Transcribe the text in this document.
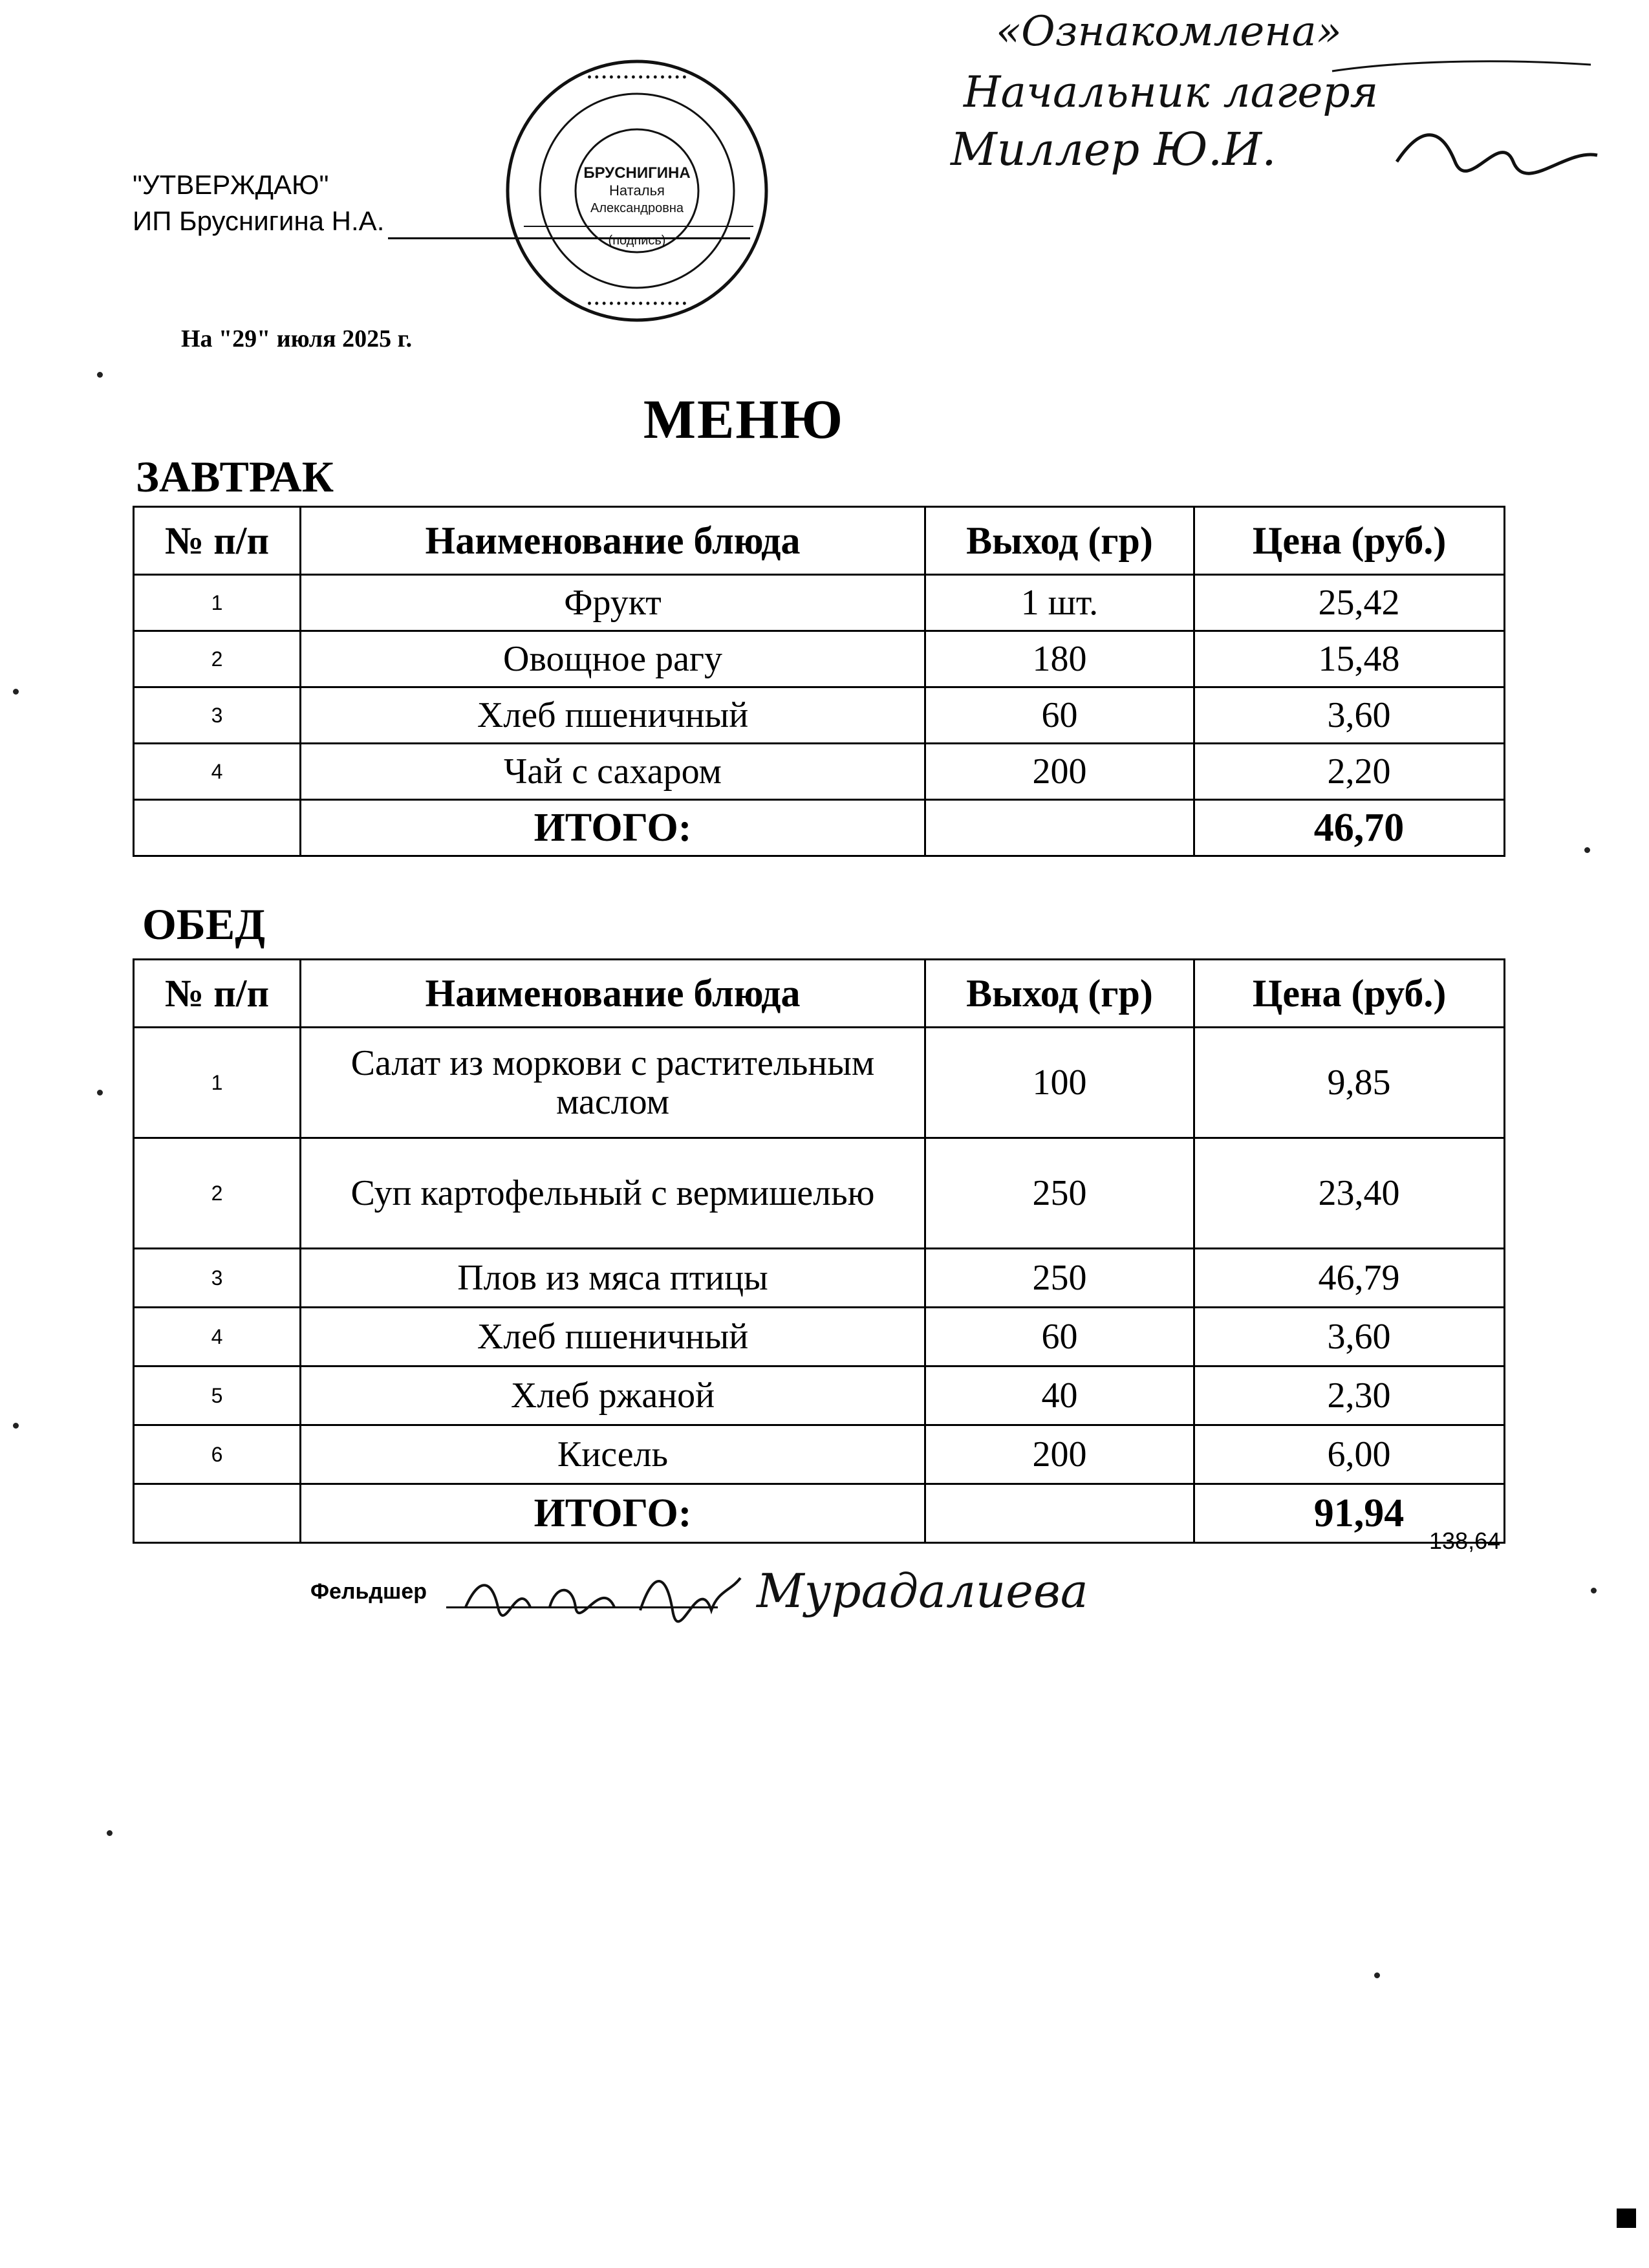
"УТВЕРЖДАЮ"
ИП Бруснигина Н.А.
На "29" июля 2025 г.
• • • • • • • • • • • • • •
• • • • • • • • • • • • • •
БРУСНИГИНА
Наталья
Александровна
(подпись)
«Ознакомлена»
Начальник лагеря
Миллер Ю.И.
МЕНЮ
ЗАВТРАК
№ п/п	Наименование блюда	Выход (гр)	Цена (руб.)
1	Фрукт	1 шт.	25,42
2	Овощное рагу	180	15,48
3	Хлеб пшеничный	60	3,60
4	Чай с сахаром	200	2,20
	ИТОГО:		46,70
ОБЕД
№ п/п	Наименование блюда	Выход (гр)	Цена (руб.)
1	Салат из моркови с растительным маслом	100	9,85
2	Суп картофельный с вермишелью	250	23,40
3	Плов из мяса птицы	250	46,79
4	Хлеб пшеничный	60	3,60
5	Хлеб ржаной	40	2,30
6	Кисель	200	6,00
	ИТОГО:		91,94
138,64
Фельдшер	Мурадалиева
